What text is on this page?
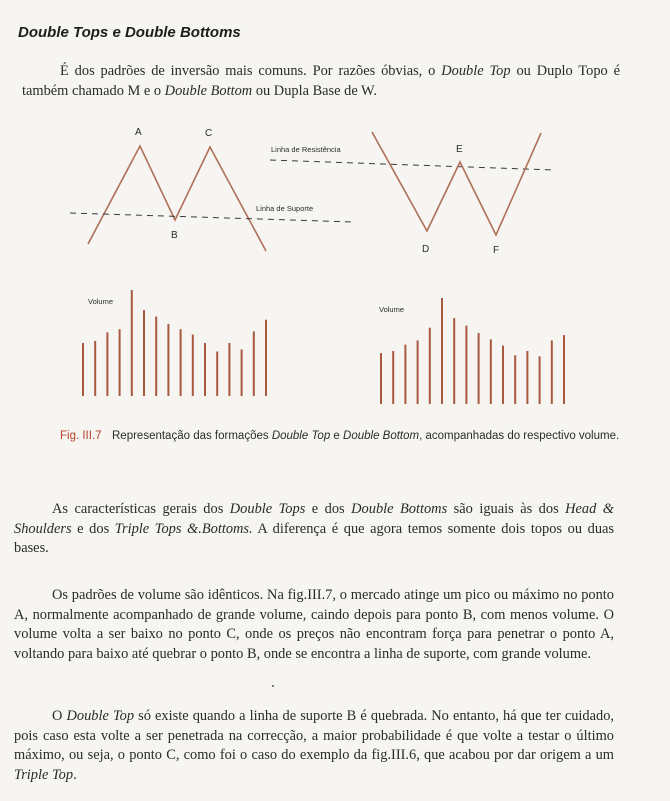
Double Tops e Double Bottoms

É dos padrões de inversão mais comuns. Por razões óbvias, o Double Top ou Duplo Topo é também chamado M e o Double Bottom ou Dupla Base de W.

A
B
C
Linha de Suporte
Linha de Resistência
D
E
F
Volume
Volume
Fig. III.7 Representação das formações Double Top e Double Bottom, acompanhadas do respectivo volume.

As características gerais dos Double Tops e dos Double Bottoms são iguais às dos Head & Shoulders e dos Triple Tops &.Bottoms. A diferença é que agora temos somente dois topos ou duas bases.

Os padrões de volume são idênticos. Na fig.III.7, o mercado atinge um pico ou máximo no ponto A, normalmente acompanhado de grande volume, caindo depois para ponto B, com menos volume. O volume volta a ser baixo no ponto C, onde os preços não encontram força para penetrar o ponto A, voltando para baixo até quebrar o ponto B, onde se encontra a linha de suporte, com grande volume.

O Double Top só existe quando a linha de suporte B é quebrada. No entanto, há que ter cuidado, pois caso esta volte a ser penetrada na correcção, a maior probabilidade é que volte a testar o último máximo, ou seja, o ponto C, como foi o caso do exemplo da fig.III.6, que acabou por dar origem a um Triple Top.
